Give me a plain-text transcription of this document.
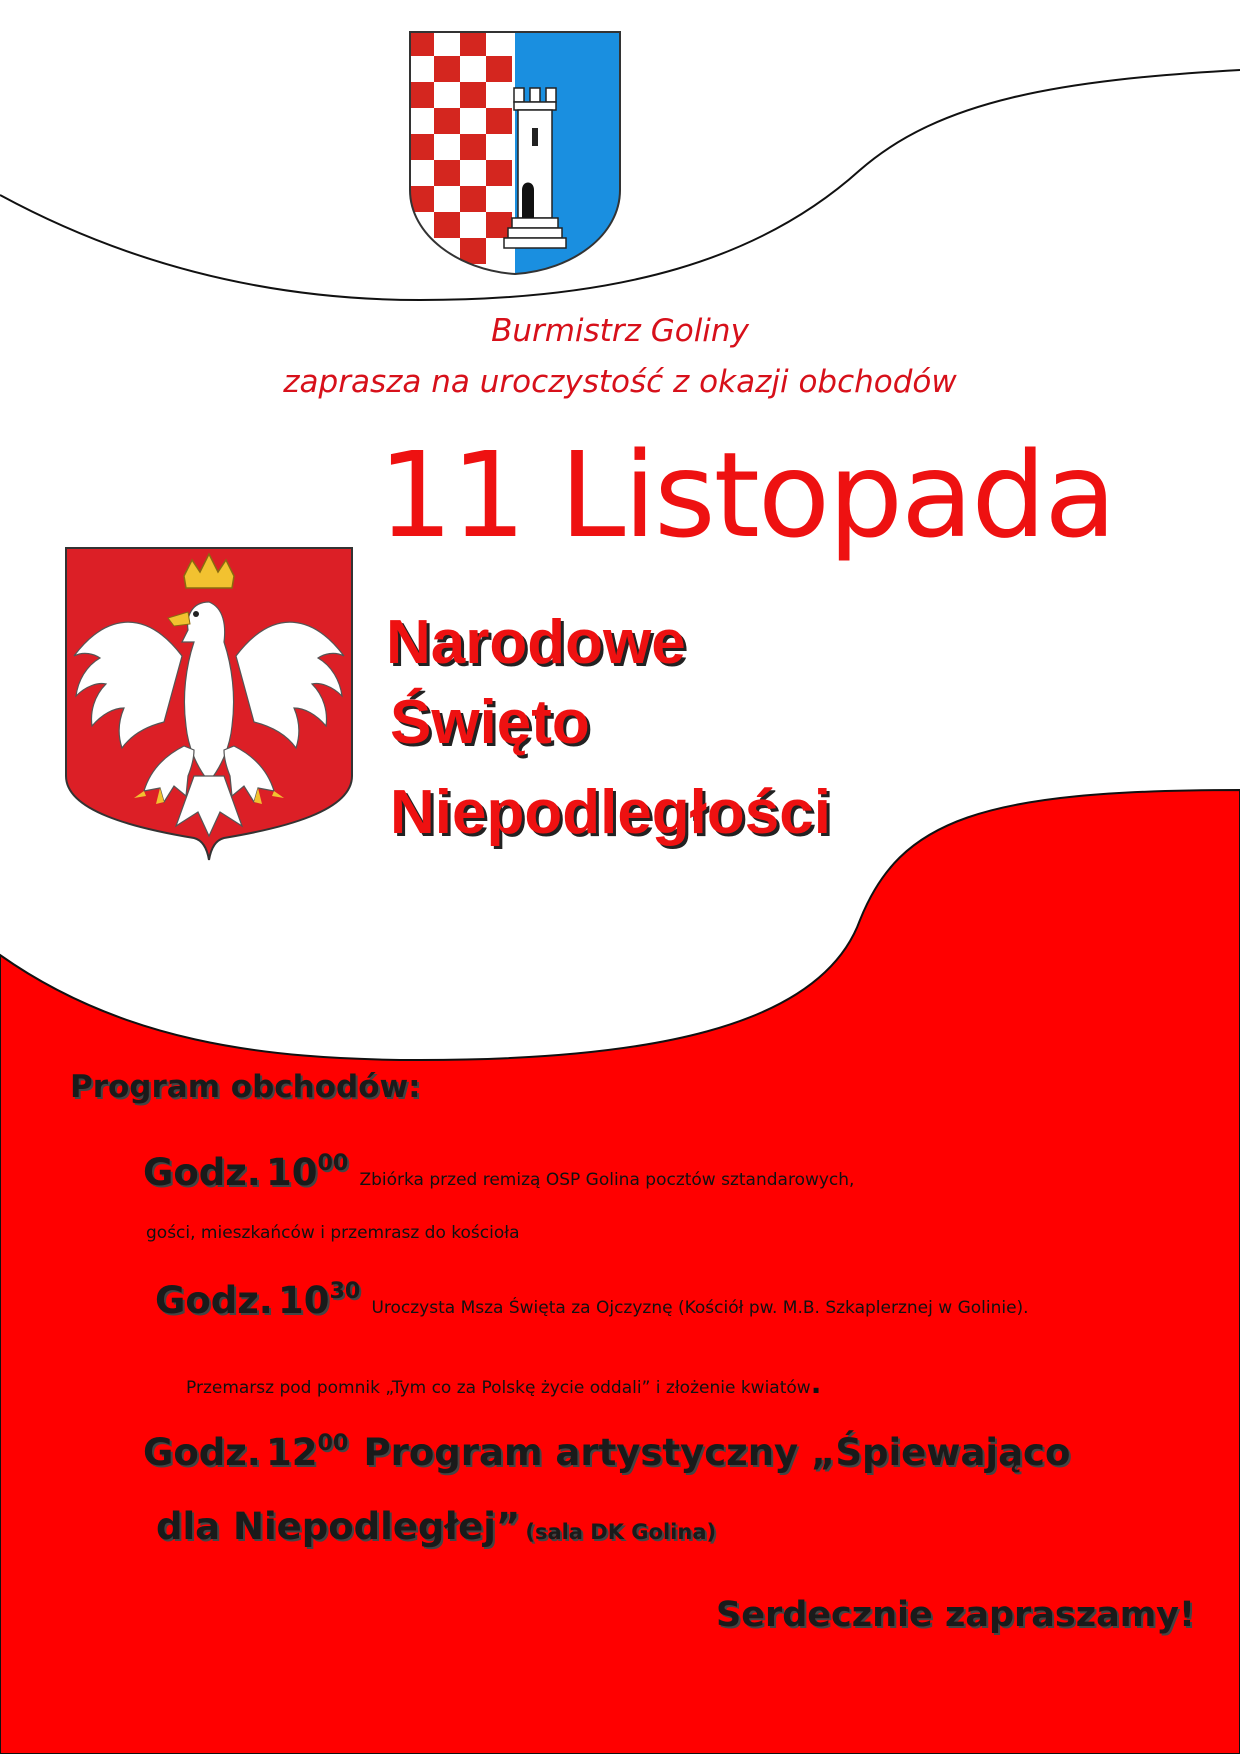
Burmistrz Goliny
zaprasza na uroczystość z okazji obchodów
11 Listopada
Narodowe
Święto
Niepodległości
Program obchodów:
Godz. $10^{00}$ Zbiórka przed remizą OSP Golina pocztów sztandarowych,
gości, mieszkańców i przemrasz do kościoła
Godz. $10^{30}$ Uroczysta Msza Święta za Ojczyznę (Kościół pw. M.B. Szkaplerznej w Golinie).
Przemarsz pod pomnik „Tym co za Polskę życie oddali” i złożenie kwiatów.
Godz. $12^{00}$ Program artystyczny „Śpiewająco
dla Niepodległej” (sala DK Golina)
Serdecznie zapraszamy!
